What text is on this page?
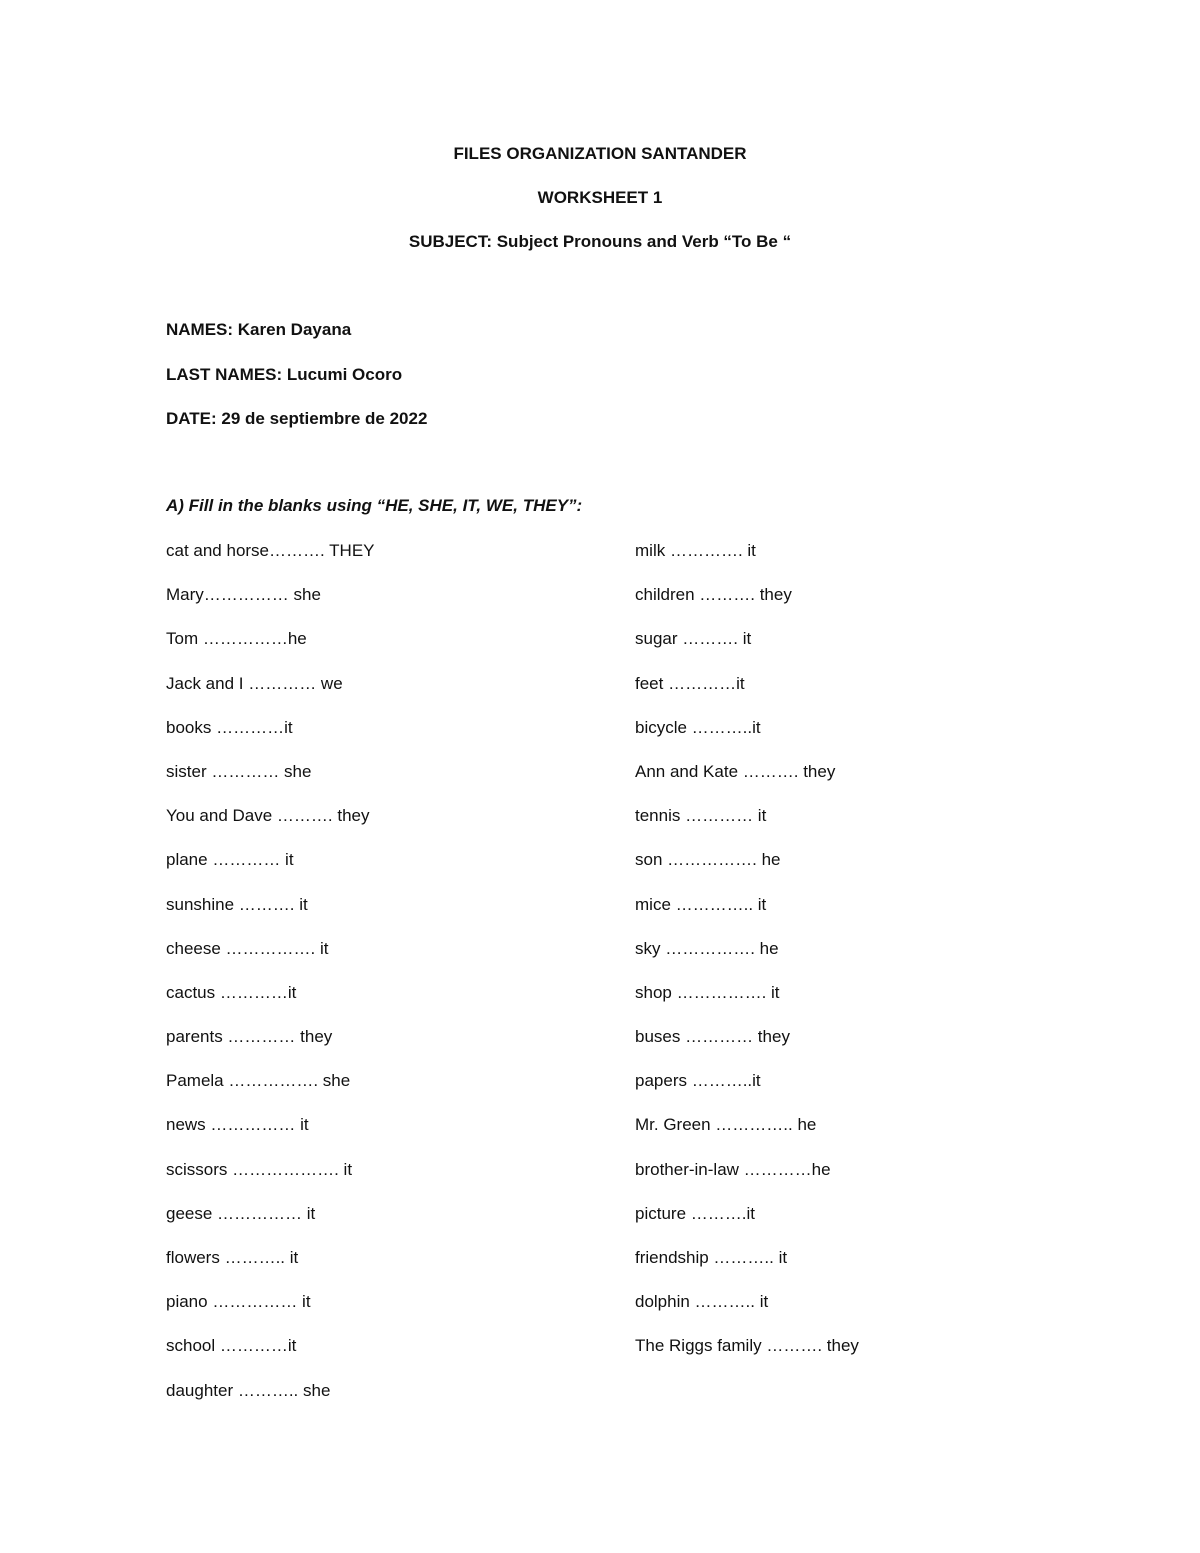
FILES ORGANIZATION SANTANDER
WORKSHEET 1
SUBJECT: Subject Pronouns and Verb “To Be “
NAMES: Karen Dayana
LAST NAMES: Lucumi Ocoro
DATE: 29 de septiembre de 2022
A) Fill in the blanks using “HE, SHE, IT, WE, THEY”:
cat and horse………. THEY
Mary…………… she
Tom ……………he
Jack and I ………… we
books …………it
sister ………… she
You and Dave ………. they
plane ………… it
sunshine ………. it
cheese ……………. it
cactus …………it
parents ………… they
Pamela ……………. she
news …………… it
scissors ………………. it
geese …………… it
flowers ……….. it
piano …………… it
school …………it
daughter ……….. she
milk …………. it
children ………. they
sugar ………. it
feet …………it
bicycle ………..it
Ann and Kate ………. they
tennis ………… it
son ……………. he
mice ………….. it
sky ……………. he
shop ……………. it
buses ………… they
papers ………..it
Mr. Green ………….. he
brother-in-law …………he
picture ……….it
friendship ……….. it
dolphin ……….. it
The Riggs family ………. they
